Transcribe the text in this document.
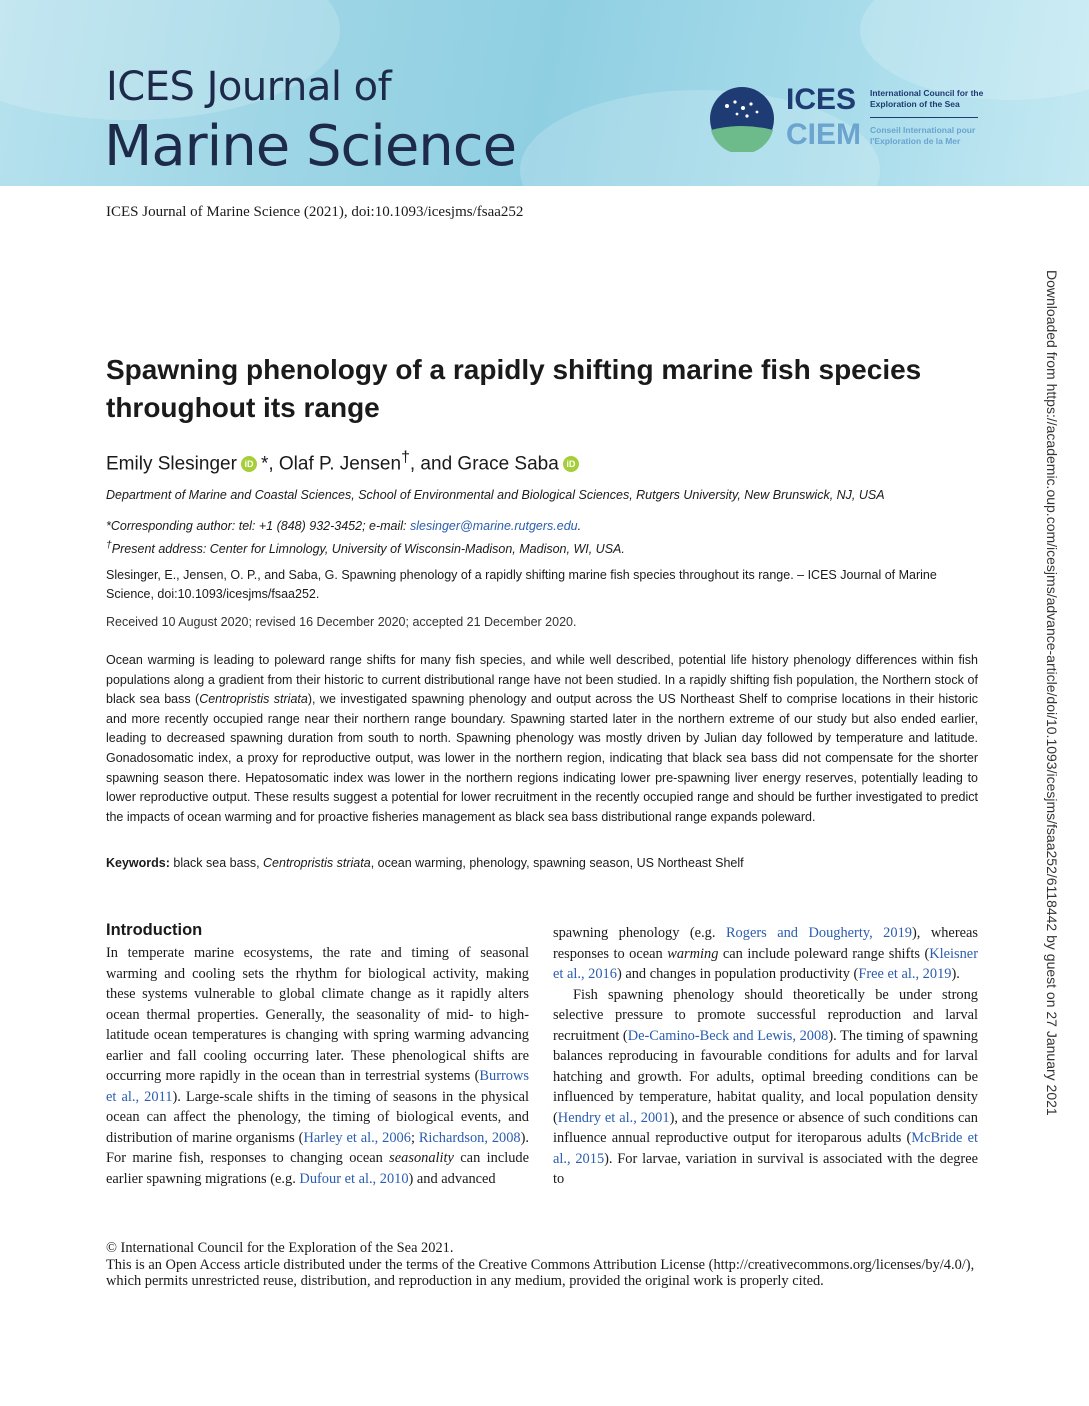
ICES Journal of
Marine Science
ICES
CIEM
International Council for the Exploration of the Sea
Conseil International pour l'Exploration de la Mer
ICES Journal of Marine Science (2021), doi:10.1093/icesjms/fsaa252
Downloaded from https://academic.oup.com/icesjms/advance-article/doi/10.1093/icesjms/fsaa252/6118442 by guest on 27 January 2021
Spawning phenology of a rapidly shifting marine fish species throughout its range
Emily Slesinger iD *, Olaf P. Jensen†, and Grace Saba iD
Department of Marine and Coastal Sciences, School of Environmental and Biological Sciences, Rutgers University, New Brunswick, NJ, USA
*Corresponding author: tel: +1 (848) 932-3452; e-mail: slesinger@marine.rutgers.edu.
†Present address: Center for Limnology, University of Wisconsin-Madison, Madison, WI, USA.
Slesinger, E., Jensen, O. P., and Saba, G. Spawning phenology of a rapidly shifting marine fish species throughout its range. – ICES Journal of Marine Science, doi:10.1093/icesjms/fsaa252.
Received 10 August 2020; revised 16 December 2020; accepted 21 December 2020.
Ocean warming is leading to poleward range shifts for many fish species, and while well described, potential life history phenology differences within fish populations along a gradient from their historic to current distributional range have not been studied. In a rapidly shifting fish population, the Northern stock of black sea bass (Centropristis striata), we investigated spawning phenology and output across the US Northeast Shelf to comprise locations in their historic and more recently occupied range near their northern range boundary. Spawning started later in the northern extreme of our study but also ended earlier, leading to decreased spawning duration from south to north. Spawning phenology was mostly driven by Julian day followed by temperature and latitude. Gonadosomatic index, a proxy for reproductive output, was lower in the northern region, indicating that black sea bass did not compensate for the shorter spawning season there. Hepatosomatic index was lower in the northern regions indicating lower pre-spawning liver energy reserves, potentially leading to lower reproductive output. These results suggest a potential for lower recruitment in the recently occupied range and should be further investigated to predict the impacts of ocean warming and for proactive fisheries management as black sea bass distributional range expands poleward.
Keywords: black sea bass, Centropristis striata, ocean warming, phenology, spawning season, US Northeast Shelf
Introduction

In temperate marine ecosystems, the rate and timing of seasonal warming and cooling sets the rhythm for biological activity, making these systems vulnerable to global climate change as it rapidly alters ocean thermal properties. Generally, the seasonality of mid- to high-latitude ocean temperatures is changing with spring warming advancing earlier and fall cooling occurring later. These phenological shifts are occurring more rapidly in the ocean than in terrestrial systems (Burrows et al., 2011). Large-scale shifts in the timing of seasons in the physical ocean can affect the phenology, the timing of biological events, and distribution of marine organisms (Harley et al., 2006; Richardson, 2008). For marine fish, responses to changing ocean seasonality can include earlier spawning migrations (e.g. Dufour et al., 2010) and advanced

spawning phenology (e.g. Rogers and Dougherty, 2019), whereas responses to ocean warming can include poleward range shifts (Kleisner et al., 2016) and changes in population productivity (Free et al., 2019).

Fish spawning phenology should theoretically be under strong selective pressure to promote successful reproduction and larval recruitment (De-Camino-Beck and Lewis, 2008). The timing of spawning balances reproducing in favourable conditions for adults and for larval hatching and growth. For adults, optimal breeding conditions can be influenced by temperature, habitat quality, and local population density (Hendry et al., 2001), and the presence or absence of such conditions can influence annual reproductive output for iteroparous adults (McBride et al., 2015). For larvae, variation in survival is associated with the degree to

© International Council for the Exploration of the Sea 2021.
This is an Open Access article distributed under the terms of the Creative Commons Attribution License (http://creativecommons.org/licenses/by/4.0/), which permits unrestricted reuse, distribution, and reproduction in any medium, provided the original work is properly cited.
